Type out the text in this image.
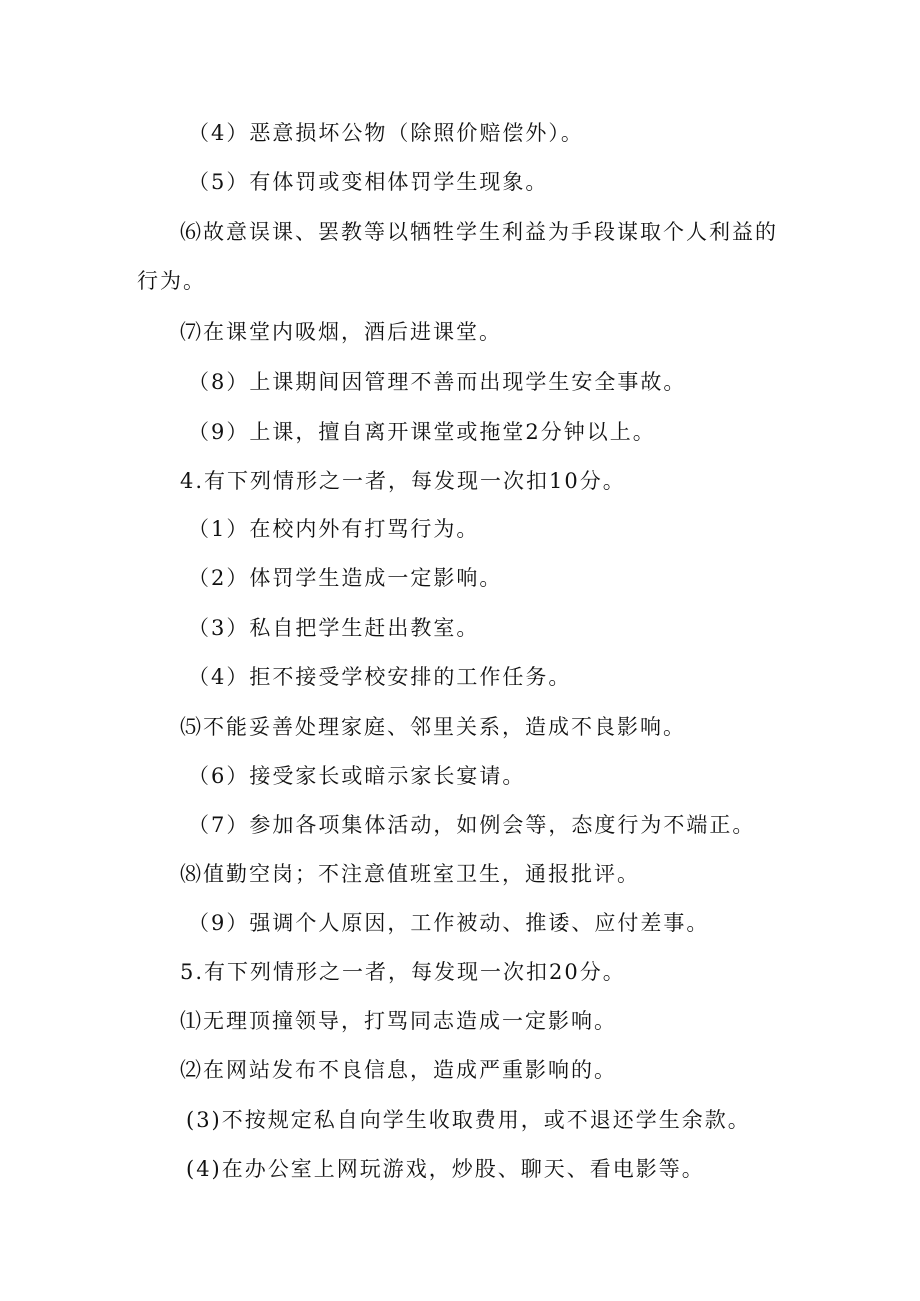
（4）恶意损坏公物（除照价赔偿外）。

（5）有体罚或变相体罚学生现象。

⑹故意误课、罢教等以牺牲学生利益为手段谋取个人利益的

行为。

⑺在课堂内吸烟，酒后进课堂。

（8）上课期间因管理不善而出现学生安全事故。

（9）上课，擅自离开课堂或拖堂2分钟以上。

4.有下列情形之一者，每发现一次扣10分。

（1）在校内外有打骂行为。

（2）体罚学生造成一定影响。

（3）私自把学生赶出教室。

（4）拒不接受学校安排的工作任务。

⑸不能妥善处理家庭、邻里关系，造成不良影响。

（6）接受家长或暗示家长宴请。

（7）参加各项集体活动，如例会等，态度行为不端正。

⑻值勤空岗；不注意值班室卫生，通报批评。

（9）强调个人原因，工作被动、推诿、应付差事。

5.有下列情形之一者，每发现一次扣20分。

⑴无理顶撞领导，打骂同志造成一定影响。

⑵在网站发布不良信息，造成严重影响的。

(3)不按规定私自向学生收取费用，或不退还学生余款。

(4)在办公室上网玩游戏，炒股、聊天、看电影等。
